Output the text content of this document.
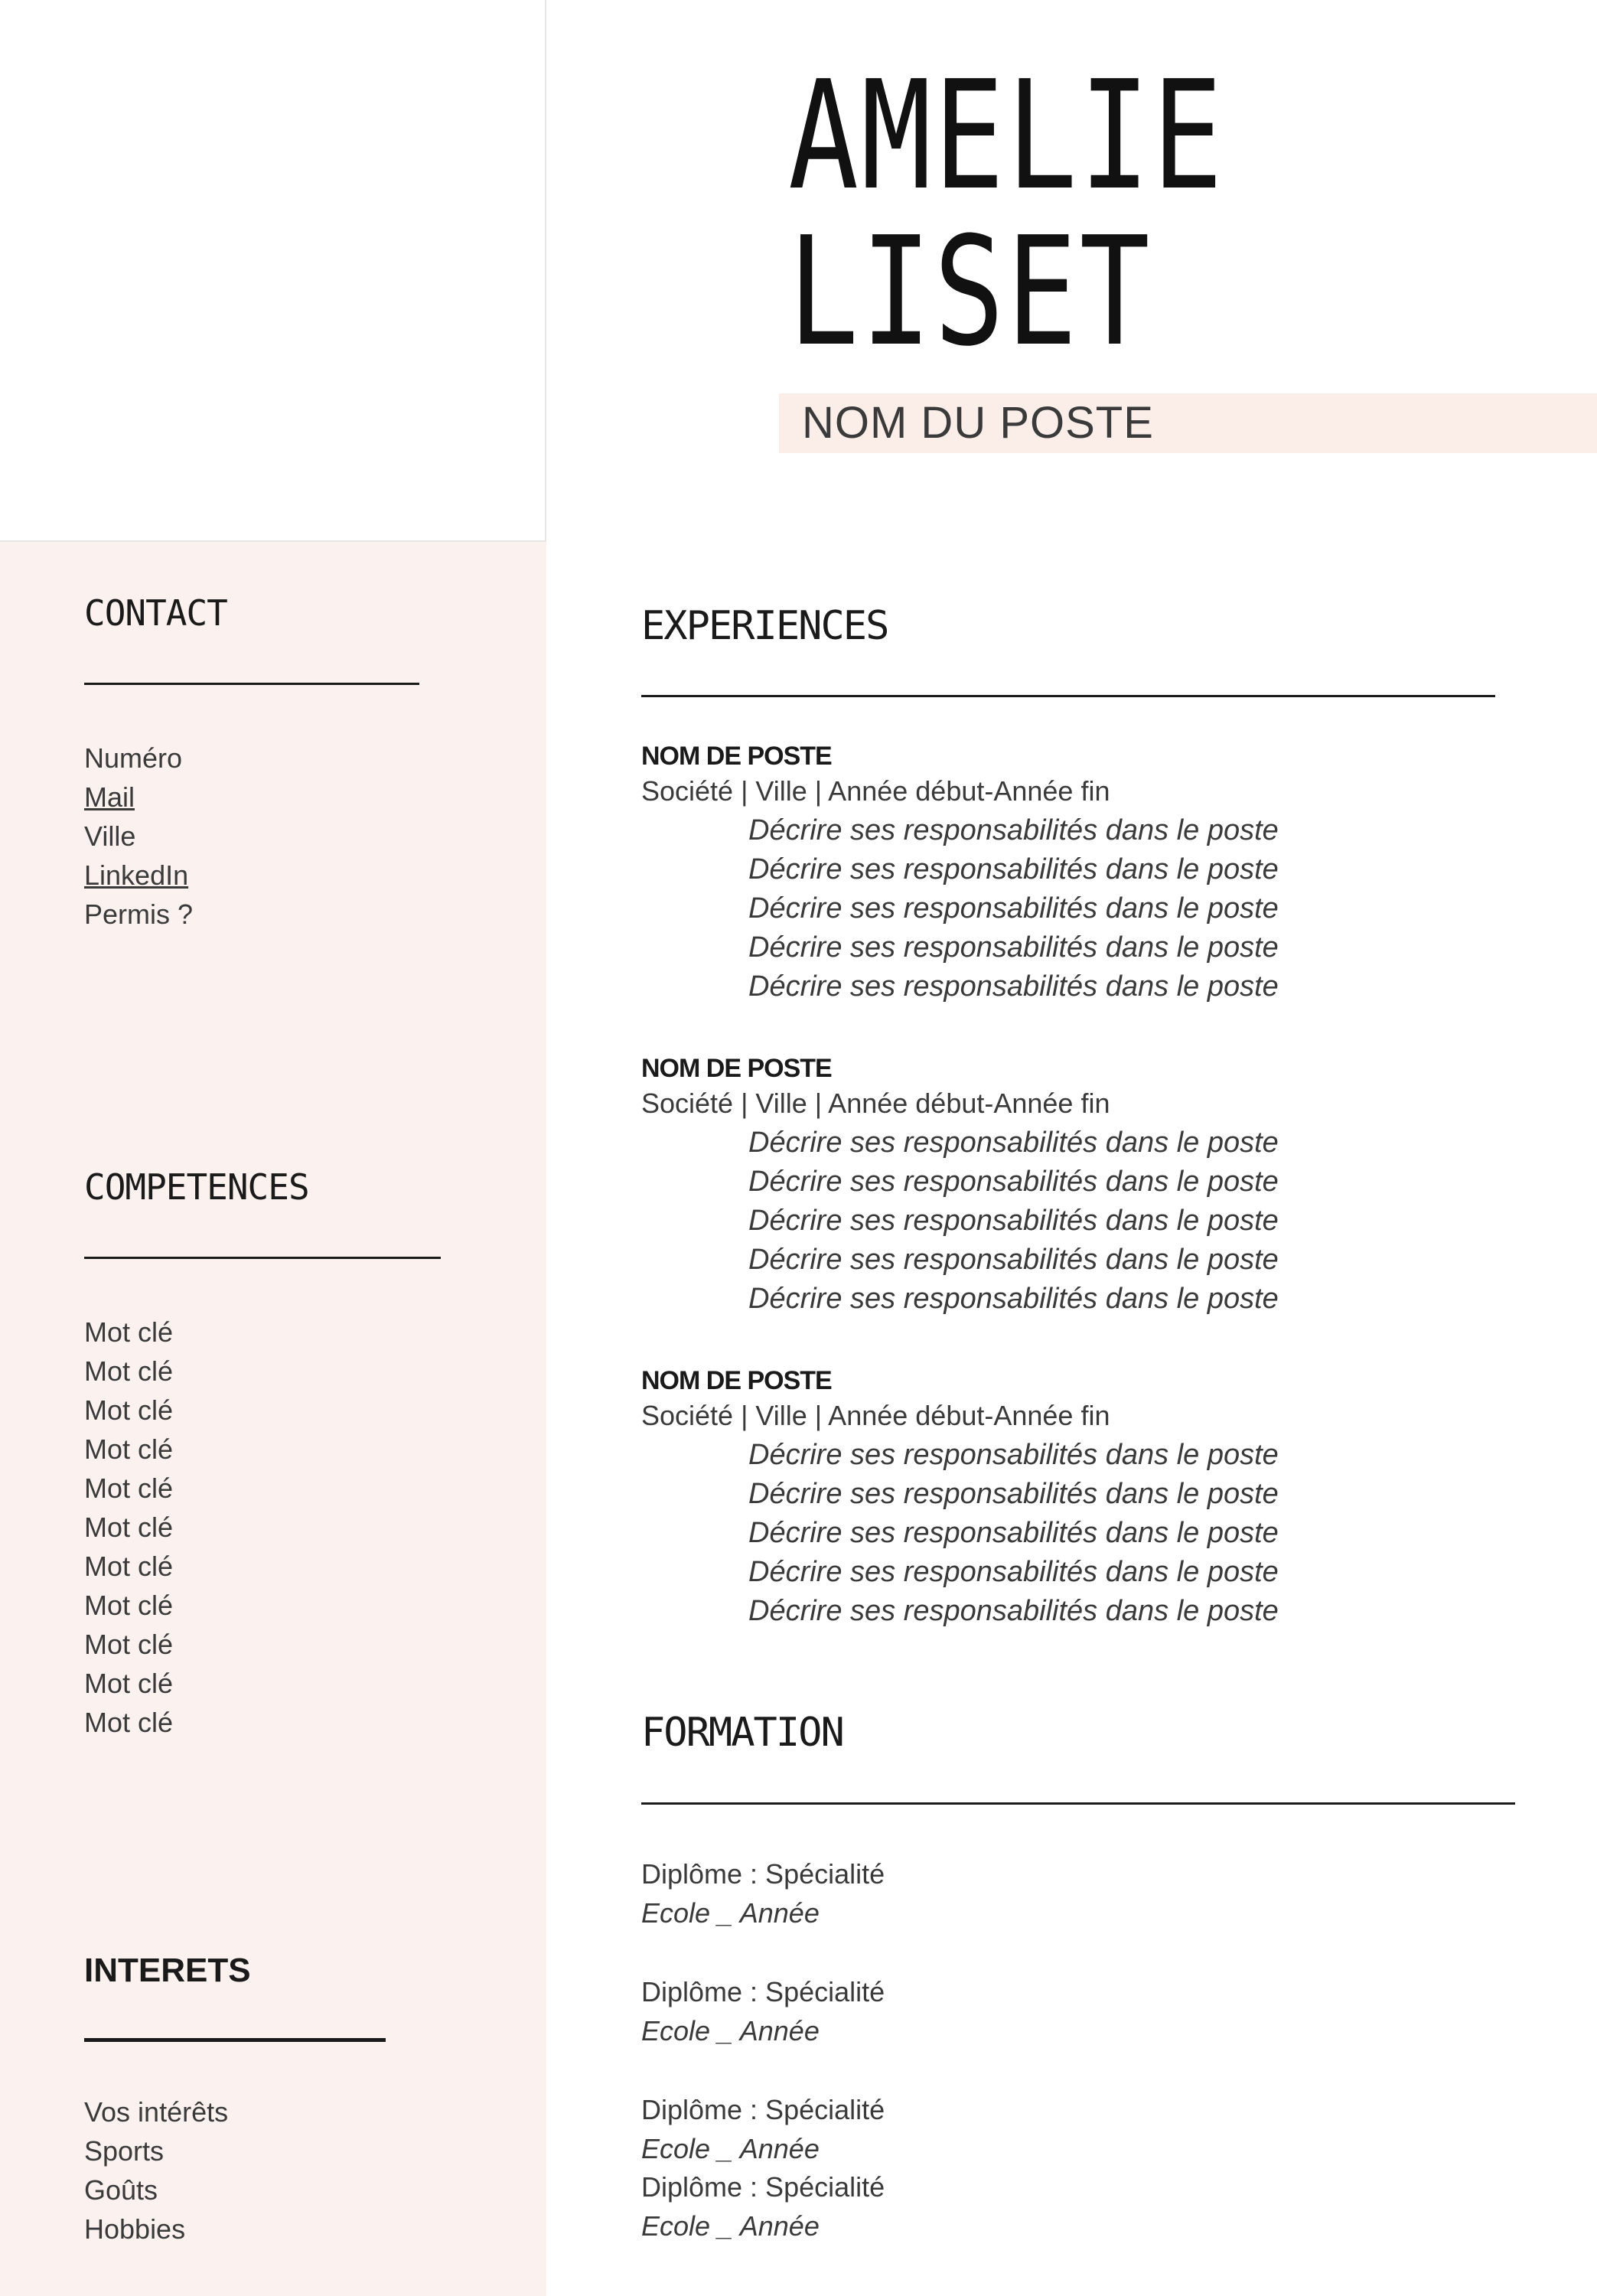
CONTACT
Numéro
Mail
Ville
LinkedIn
Permis ?
COMPETENCES
Mot clé
Mot clé
Mot clé
Mot clé
Mot clé
Mot clé
Mot clé
Mot clé
Mot clé
Mot clé
Mot clé
INTERETS
Vos intérêts
Sports
Goûts
Hobbies
AMELIE
LISET
NOM DU POSTE
EXPERIENCES
NOM DE POSTE
Société | Ville | Année début-Année fin
Décrire ses responsabilités dans le poste
Décrire ses responsabilités dans le poste
Décrire ses responsabilités dans le poste
Décrire ses responsabilités dans le poste
Décrire ses responsabilités dans le poste
NOM DE POSTE
Société | Ville | Année début-Année fin
Décrire ses responsabilités dans le poste
Décrire ses responsabilités dans le poste
Décrire ses responsabilités dans le poste
Décrire ses responsabilités dans le poste
Décrire ses responsabilités dans le poste
NOM DE POSTE
Société | Ville | Année début-Année fin
Décrire ses responsabilités dans le poste
Décrire ses responsabilités dans le poste
Décrire ses responsabilités dans le poste
Décrire ses responsabilités dans le poste
Décrire ses responsabilités dans le poste
FORMATION
Diplôme : Spécialité
Ecole _ Année
Diplôme : Spécialité
Ecole _ Année
Diplôme : Spécialité
Ecole _ Année
Diplôme : Spécialité
Ecole _ Année
